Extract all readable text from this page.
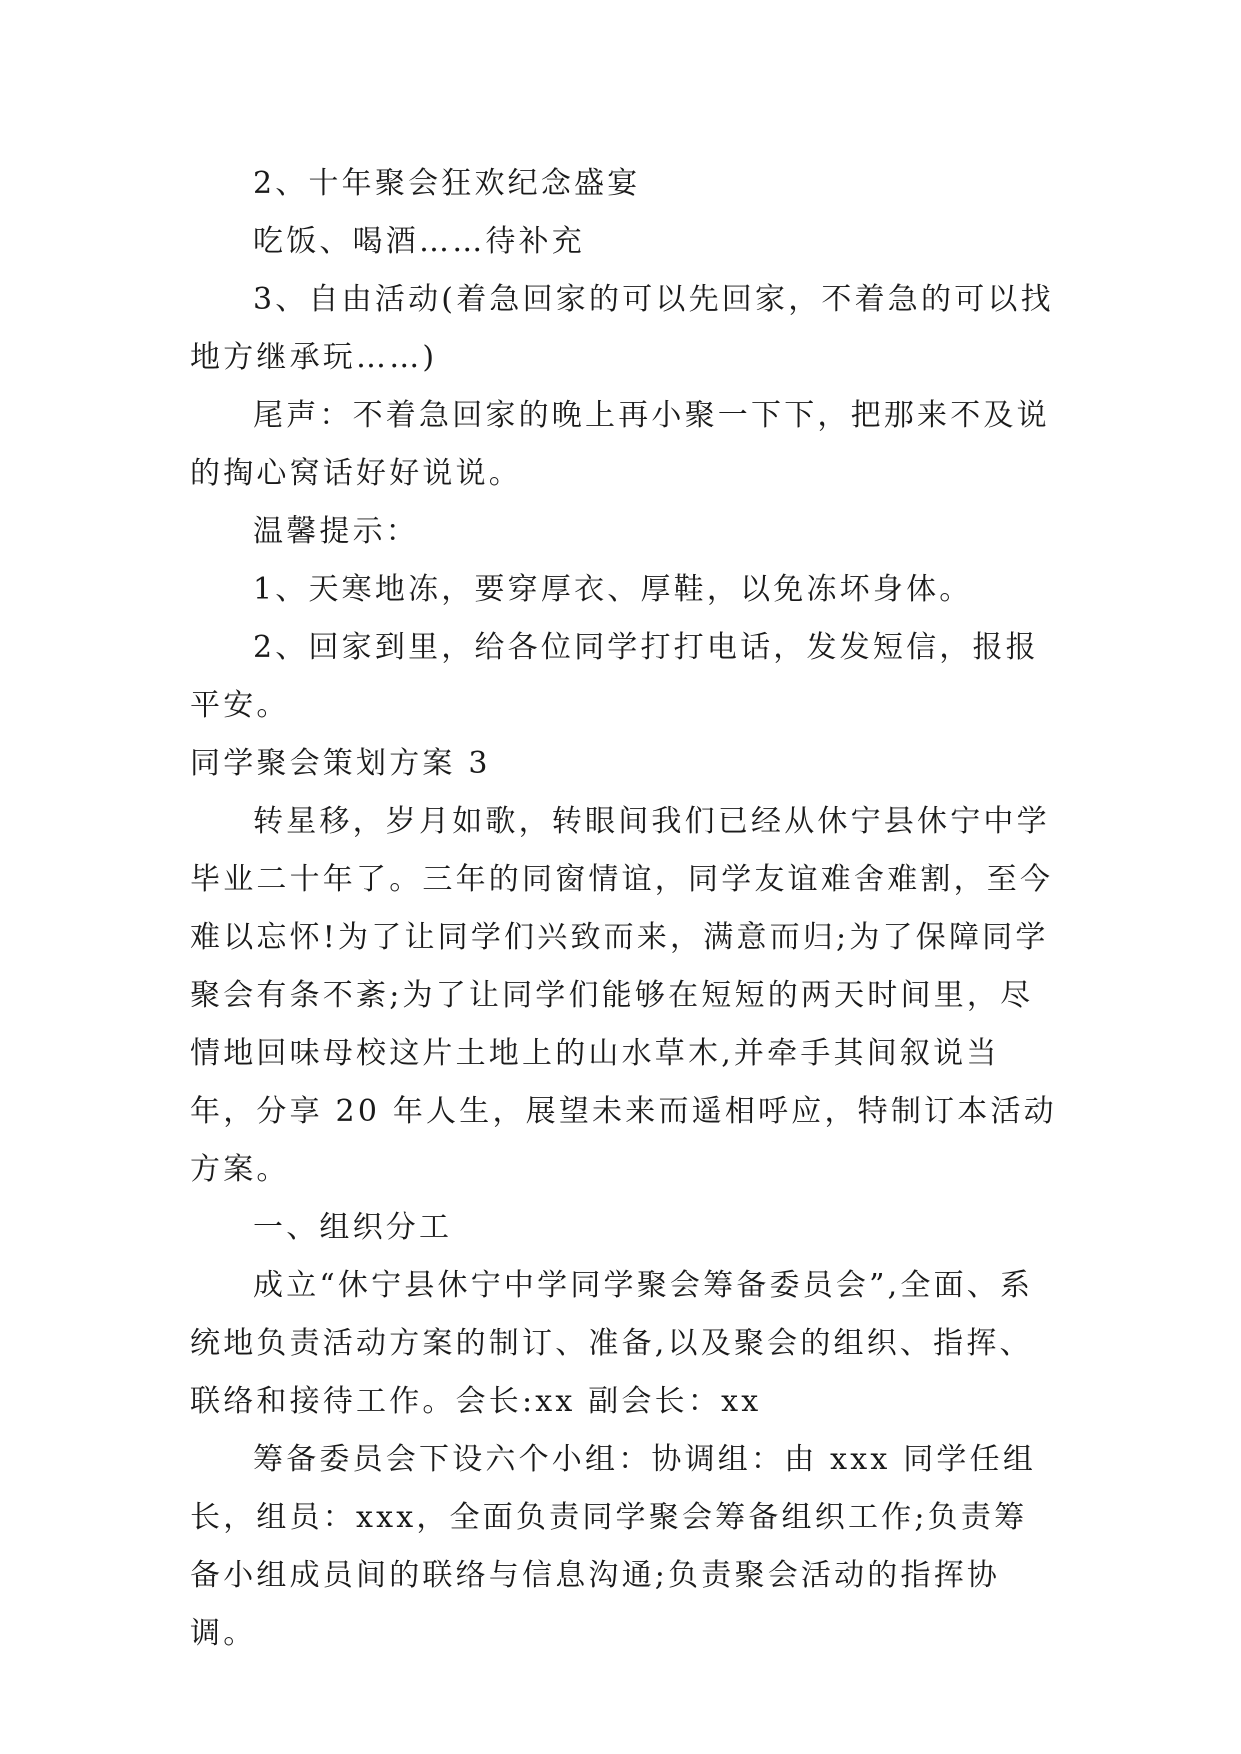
2、十年聚会狂欢纪念盛宴

吃饭、喝酒……待补充

3、自由活动(着急回家的可以先回家，不着急的可以找地方继承玩……)

尾声：不着急回家的晚上再小聚一下下，把那来不及说的掏心窝话好好说说。

温馨提示：

1、天寒地冻，要穿厚衣、厚鞋，以免冻坏身体。

2、回家到里，给各位同学打打电话，发发短信，报报平安。

同学聚会策划方案 3

转星移，岁月如歌，转眼间我们已经从休宁县休宁中学毕业二十年了。三年的同窗情谊，同学友谊难舍难割，至今难以忘怀!为了让同学们兴致而来，满意而归;为了保障同学聚会有条不紊;为了让同学们能够在短短的两天时间里，尽情地回味母校这片土地上的山水草木,并牵手其间叙说当年，分享 20 年人生，展望未来而遥相呼应，特制订本活动方案。

一、组织分工

成立“休宁县休宁中学同学聚会筹备委员会”,全面、系统地负责活动方案的制订、准备,以及聚会的组织、指挥、联络和接待工作。会长:xx 副会长：xx

筹备委员会下设六个小组：协调组：由 xxx 同学任组长，组员：xxx，全面负责同学聚会筹备组织工作;负责筹备小组成员间的联络与信息沟通;负责聚会活动的指挥协调。
